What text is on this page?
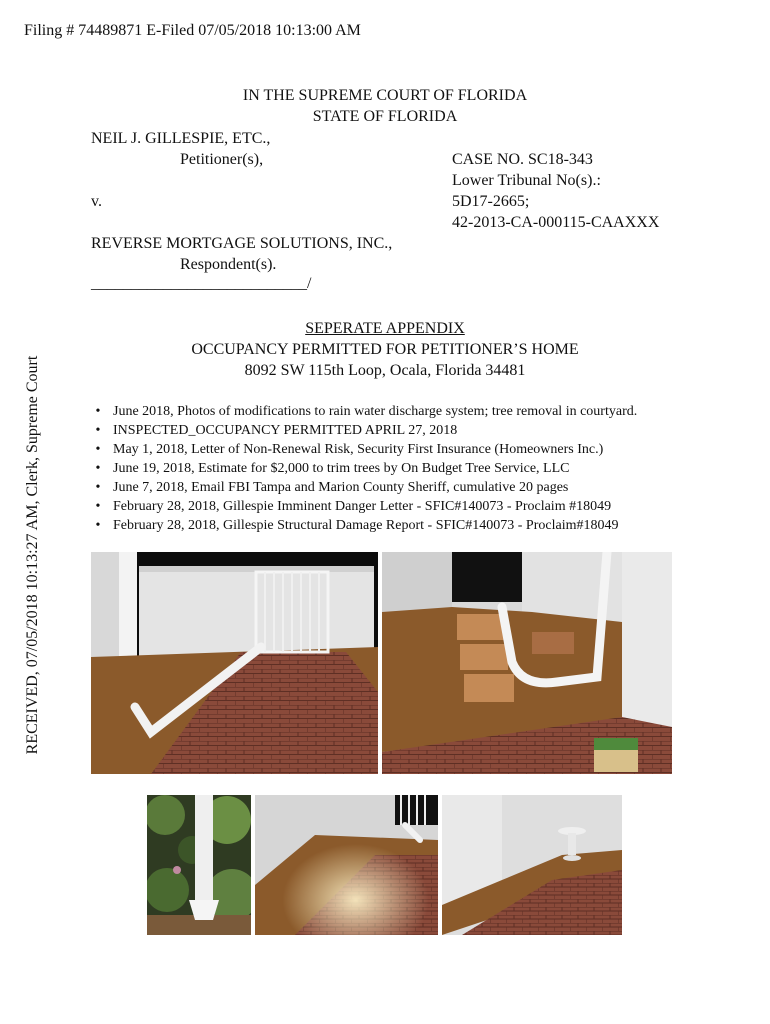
Filing # 74489871 E-Filed 07/05/2018 10:13:00 AM
RECEIVED, 07/05/2018 10:13:27 AM, Clerk, Supreme Court
IN THE SUPREME COURT OF FLORIDA
STATE OF FLORIDA
NEIL J. GILLESPIE, ETC.,
Petitioner(s),
v.
REVERSE MORTGAGE SOLUTIONS, INC.,
Respondent(s).
___________________________/
CASE NO. SC18-343
Lower Tribunal No(s).:
5D17-2665;
42-2013-CA-000115-CAAXXX
SEPERATE APPENDIX
OCCUPANCY PERMITTED FOR PETITIONER’S HOME
8092 SW 115th Loop, Ocala, Florida 34481
• June 2018, Photos of modifications to rain water discharge system; tree removal in courtyard.
• INSPECTED_OCCUPANCY PERMITTED APRIL 27, 2018
• May 1, 2018, Letter of Non-Renewal Risk, Security First Insurance (Homeowners Inc.)
• June 19, 2018, Estimate for $2,000 to trim trees by On Budget Tree Service, LLC
• June 7, 2018, Email FBI Tampa and Marion County Sheriff, cumulative 20 pages
• February 28, 2018, Gillespie Imminent Danger Letter - SFIC#140073 - Proclaim #18049
• February 28, 2018, Gillespie Structural Damage Report - SFIC#140073 - Proclaim#18049
